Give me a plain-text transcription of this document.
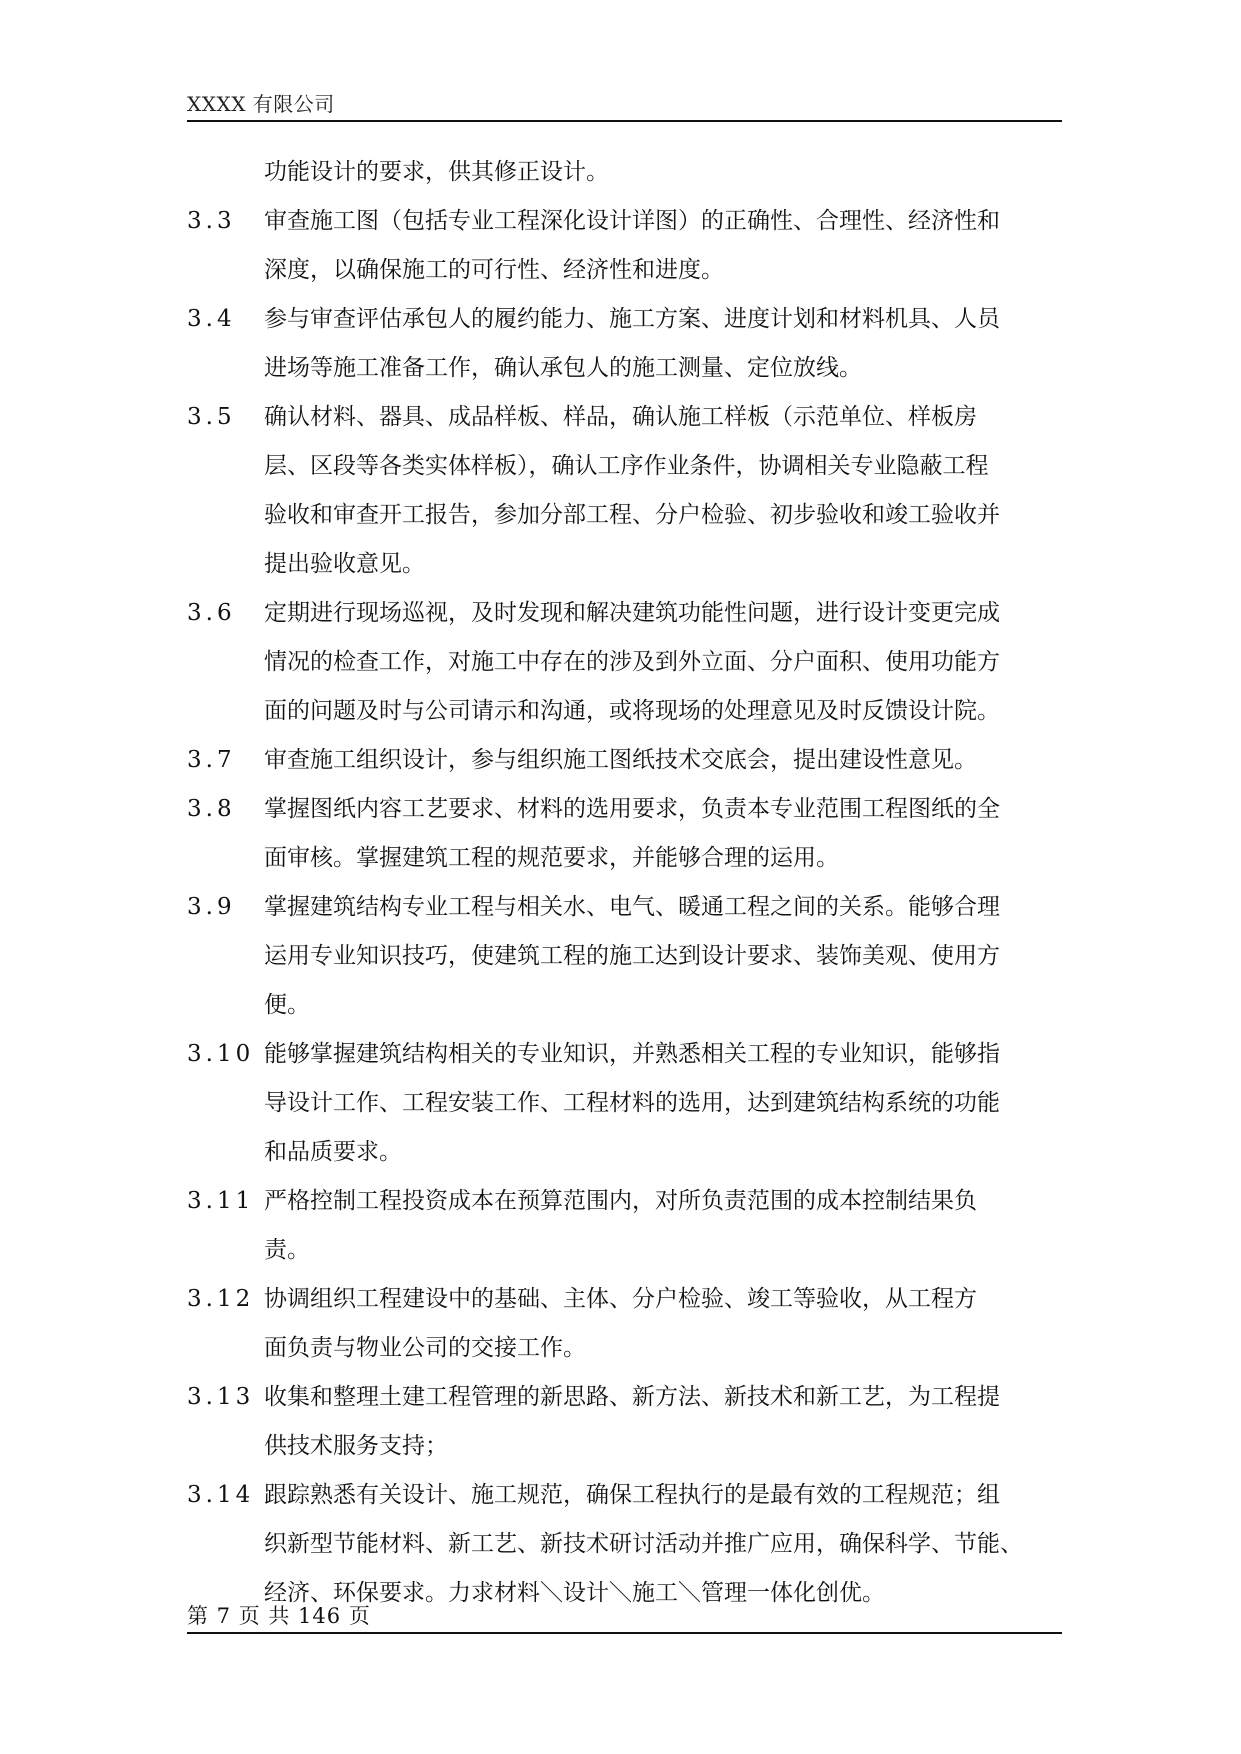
XXXX 有限公司
功能设计的要求，供其修正设计。
3.3	审查施工图（包括专业工程深化设计详图）的正确性、合理性、经济性和
深度，以确保施工的可行性、经济性和进度。
3.4	参与审查评估承包人的履约能力、施工方案、进度计划和材料机具、人员
进场等施工准备工作，确认承包人的施工测量、定位放线。
3.5	确认材料、器具、成品样板、样品，确认施工样板（示范单位、样板房
层、区段等各类实体样板），确认工序作业条件，协调相关专业隐蔽工程
验收和审查开工报告，参加分部工程、分户检验、初步验收和竣工验收并
提出验收意见。
3.6	定期进行现场巡视，及时发现和解决建筑功能性问题，进行设计变更完成
情况的检查工作，对施工中存在的涉及到外立面、分户面积、使用功能方
面的问题及时与公司请示和沟通，或将现场的处理意见及时反馈设计院。
3.7	审查施工组织设计，参与组织施工图纸技术交底会，提出建设性意见。
3.8	掌握图纸内容工艺要求、材料的选用要求，负责本专业范围工程图纸的全
面审核。掌握建筑工程的规范要求，并能够合理的运用。
3.9	掌握建筑结构专业工程与相关水、电气、暖通工程之间的关系。能够合理
运用专业知识技巧，使建筑工程的施工达到设计要求、装饰美观、使用方
便。
3.10 能够掌握建筑结构相关的专业知识，并熟悉相关工程的专业知识，能够指
导设计工作、工程安装工作、工程材料的选用，达到建筑结构系统的功能
和品质要求。
3.11 严格控制工程投资成本在预算范围内，对所负责范围的成本控制结果负
责。
3.12 协调组织工程建设中的基础、主体、分户检验、竣工等验收，从工程方
面负责与物业公司的交接工作。
3.13 收集和整理土建工程管理的新思路、新方法、新技术和新工艺，为工程提
供技术服务支持；
3.14 跟踪熟悉有关设计、施工规范，确保工程执行的是最有效的工程规范；组
织新型节能材料、新工艺、新技术研讨活动并推广应用，确保科学、节能、
经济、环保要求。力求材料＼设计＼施工＼管理一体化创优。
第 7 页 共 146 页
